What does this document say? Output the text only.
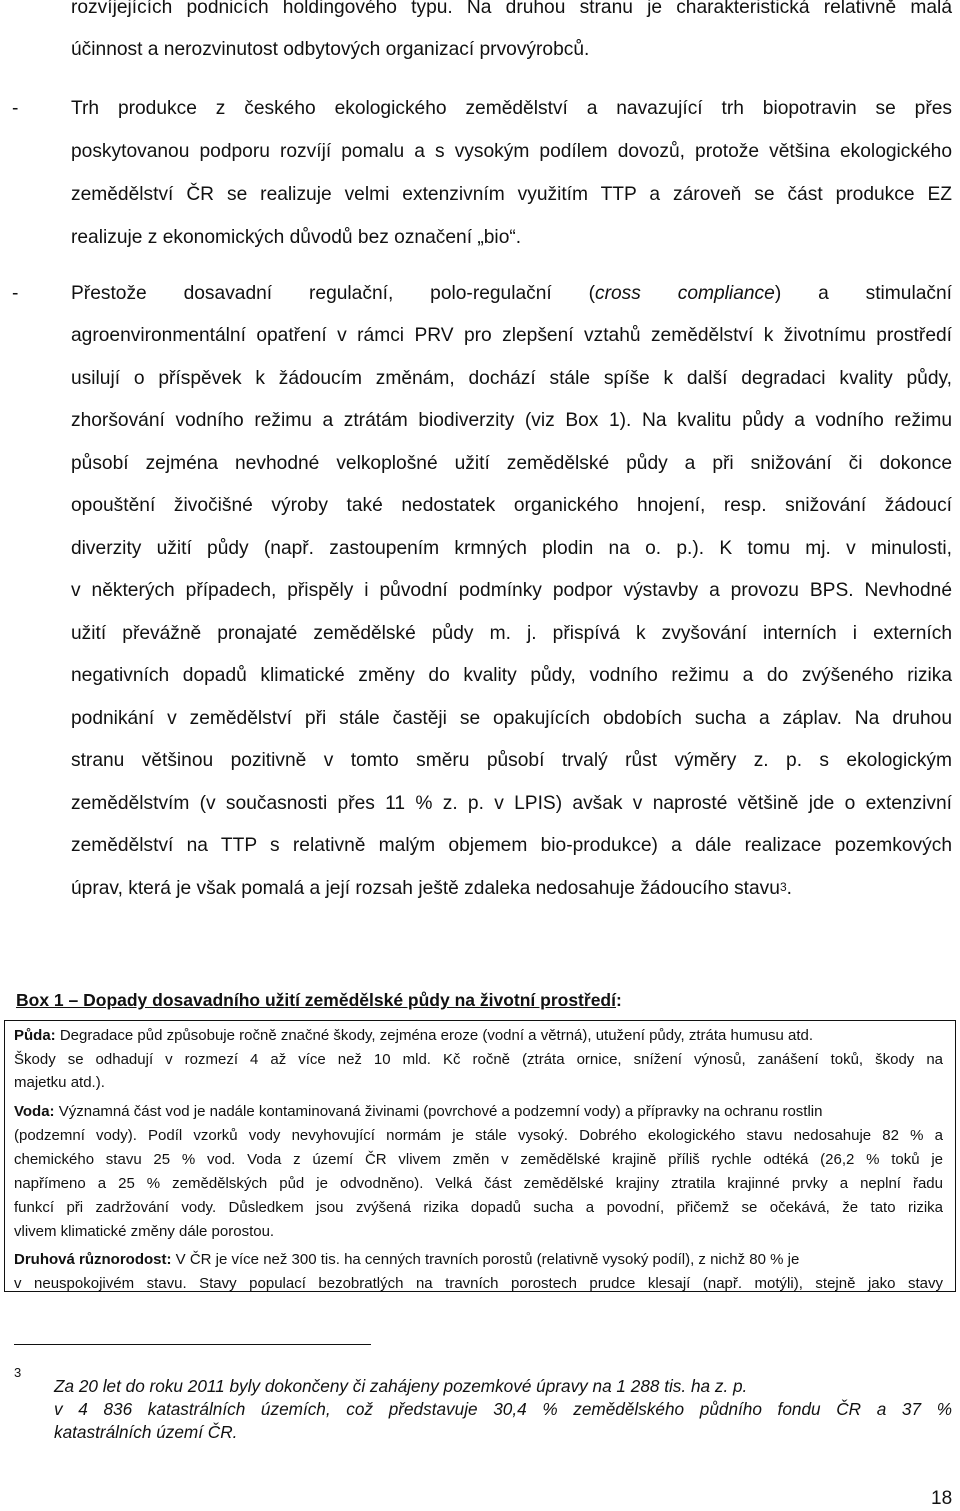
rozvíjejících podnicích holdingového typu. Na druhou stranu je charakteristická relativně malá
účinnost a nerozvinutost odbytových organizací prvovýrobců.
-	Trh produkce z českého ekologického zemědělství a navazující trh biopotravin se přes
poskytovanou podporu rozvíjí pomalu a s vysokým podílem dovozů, protože většina ekologického
zemědělství ČR se realizuje velmi extenzivním využitím TTP a zároveň se část produkce EZ
realizuje z ekonomických důvodů bez označení „bio“.
-	Přestože dosavadní regulační, polo-regulační (cross compliance) a stimulační
agroenvironmentální opatření v rámci PRV pro zlepšení vztahů zemědělství k životnímu prostředí
usilují o příspěvek k žádoucím změnám, dochází stále spíše k další degradaci kvality půdy,
zhoršování vodního režimu a ztrátám biodiverzity (viz Box 1). Na kvalitu půdy a vodního režimu
působí zejména nevhodné velkoplošné užití zemědělské půdy a při snižování či dokonce
opouštění živočišné výroby také nedostatek organického hnojení, resp. snižování žádoucí
diverzity užití půdy (např. zastoupením krmných plodin na o. p.). K tomu mj. v minulosti,
v některých případech, přispěly i původní podmínky podpor výstavby a provozu BPS. Nevhodné
užití převážně pronajaté zemědělské půdy m. j. přispívá k zvyšování interních i externích
negativních dopadů klimatické změny do kvality půdy, vodního režimu a do zvýšeného rizika
podnikání v zemědělství při stále častěji se opakujících obdobích sucha a záplav. Na druhou
stranu většinou pozitivně v tomto směru působí trvalý růst výměry z. p. s ekologickým
zemědělstvím (v současnosti přes 11 % z. p. v LPIS) avšak v naprosté většině jde o extenzivní
zemědělství na TTP s relativně malým objemem bio-produkce) a dále realizace pozemkových
úprav, která je však pomalá a její rozsah ještě zdaleka nedosahuje žádoucího stavu$^3$.
Box 1 – Dopady dosavadního užití zemědělské půdy na životní prostředí:
Půda: Degradace půd způsobuje ročně značné škody, zejména eroze (vodní a větrná), utužení půdy, ztráta humusu atd.
Škody se odhadují v rozmezí 4 až více než 10 mld. Kč ročně (ztráta ornice, snížení výnosů, zanášení toků, škody na
majetku atd.).
Voda: Významná část vod je nadále kontaminovaná živinami (povrchové a podzemní vody) a přípravky na ochranu rostlin
(podzemní vody). Podíl vzorků vody nevyhovující normám je stále vysoký. Dobrého ekologického stavu nedosahuje 82 % a
chemického stavu 25 % vod. Voda z území ČR vlivem změn v zemědělské krajině příliš rychle odtéká (26,2 % toků je
napřímeno a 25 % zemědělských půd je odvodněno). Velká část zemědělské krajiny ztratila krajinné prvky a neplní řadu
funkcí při zadržování vody. Důsledkem jsou zvýšená rizika dopadů sucha a povodní, přičemž se očekává, že tato rizika
vlivem klimatické změny dále porostou.
Druhová různorodost: V ČR je více než 300 tis. ha cenných travních porostů (relativně vysoký podíl), z nichž 80 % je
v neuspokojivém stavu. Stavy populací bezobratlých na travních porostech prudce klesají (např. motýli), stejně jako stavy
3
Za 20 let do roku 2011 byly dokončeny či zahájeny pozemkové úpravy na 1 288 tis. ha z. p.
v 4 836 katastrálních územích, což představuje 30,4 % zemědělského půdního fondu ČR a 37 %
katastrálních území ČR.
18
